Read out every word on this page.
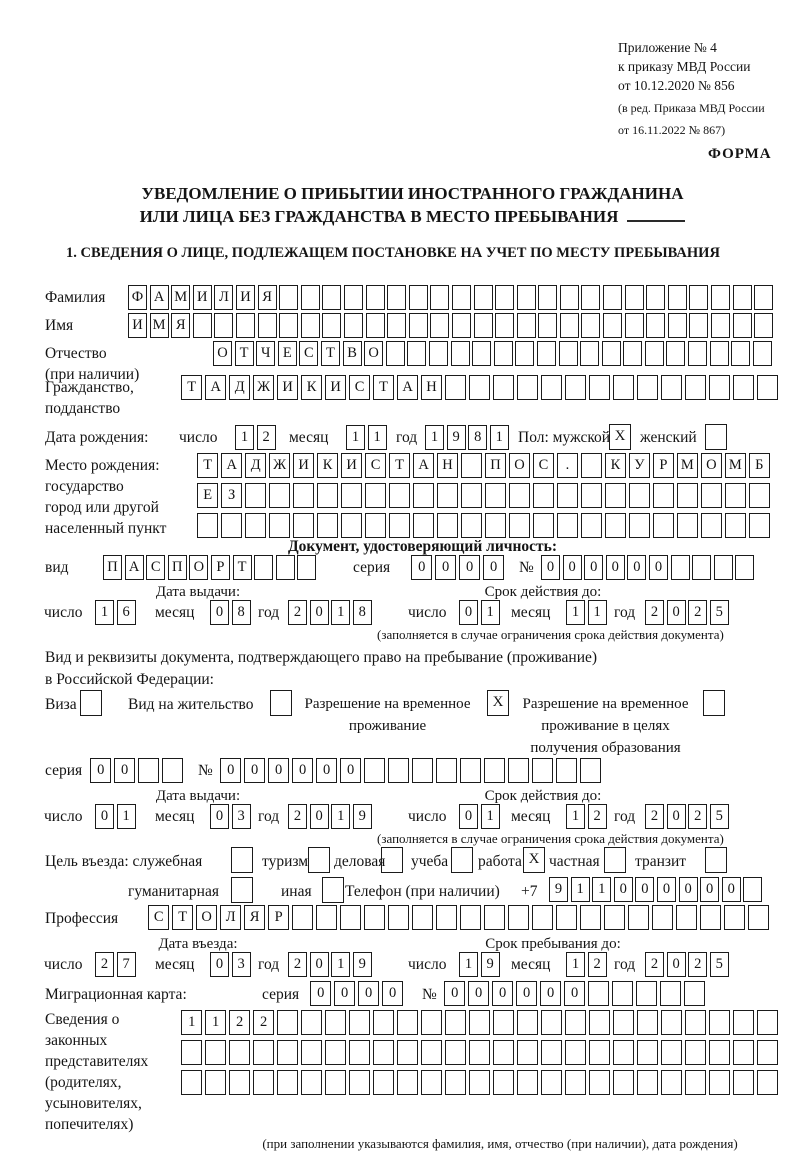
Приложение № 4
к приказу МВД России
от 10.12.2020 № 856
(в ред. Приказа МВД России
от 16.11.2022 № 867)
ФОРМА
УВЕДОМЛЕНИЕ О ПРИБЫТИИ ИНОСТРАННОГО ГРАЖДАНИНА
ИЛИ ЛИЦА БЕЗ ГРАЖДАНСТВА В МЕСТО ПРЕБЫВАНИЯ
1. СВЕДЕНИЯ О ЛИЦЕ, ПОДЛЕЖАЩЕМ ПОСТАНОВКЕ НА УЧЕТ ПО МЕСТУ ПРЕБЫВАНИЯ
Фамилия Ф А М И Л И Я
Имя	И М Я
Отчество
(при наличии)
О Т Ч Е С Т В О
Гражданство,
подданство
Т А Д Ж И К И С	Т А Н
Дата рождения: число	1 2	месяц	1 1 год 1 9 8 1 Пол: мужской X женский
Место рождения:
государство
город или другой
населенный пункт
Т А Д Ж И К И С	Т А Н	П О С	.	К У	Р М О М Б
Е	З
Документ, удостоверяющий личность:
вид	П А С П О Р Т	серия	0	0	0	0	№ 0 0 0 0 0 0
Дата выдачи:	Срок действия до:
число	1 6	месяц	0 8 год	2 0 1 8	число	0 1	месяц	1 1 год	2 0 2 5
(заполняется в случае ограничения срока действия документа)
Вид и реквизиты документа, подтверждающего право на пребывание (проживание)
в Российской Федерации:
Виза	Вид на жительство	Разрешение на временное
проживание
X	Разрешение на временное
проживание в целях
получения образования
серия	0	0	№ 0	0	0	0	0	0
Дата выдачи:	Срок действия до:
число	0 1	месяц	0 3 год	2 0 1 9	число	0 1	месяц	1 2 год	2 0 2 5
(заполняется в случае ограничения срока действия документа)
Цель въезда: служебная	туризм деловая учеба работа X частная транзит
гуманитарная	иная Телефон (при наличии) +7	9 1 1 0 0 0 0 0 0
Профессия	С	Т О Л Я	Р
Дата въезда:	Срок пребывания до:
число	2 7	месяц	0 3 год	2 0 1 9	число	1 9	месяц	1 2 год	2 0 2 5
Миграционная карта:	серия	0	0	0	0	№ 0	0	0	0	0	0
Сведения о
законных
представителях
(родителях,
усыновителях,
попечителях)
1	1	2	2
(при заполнении указываются фамилия, имя, отчество (при наличии), дата рождения)
